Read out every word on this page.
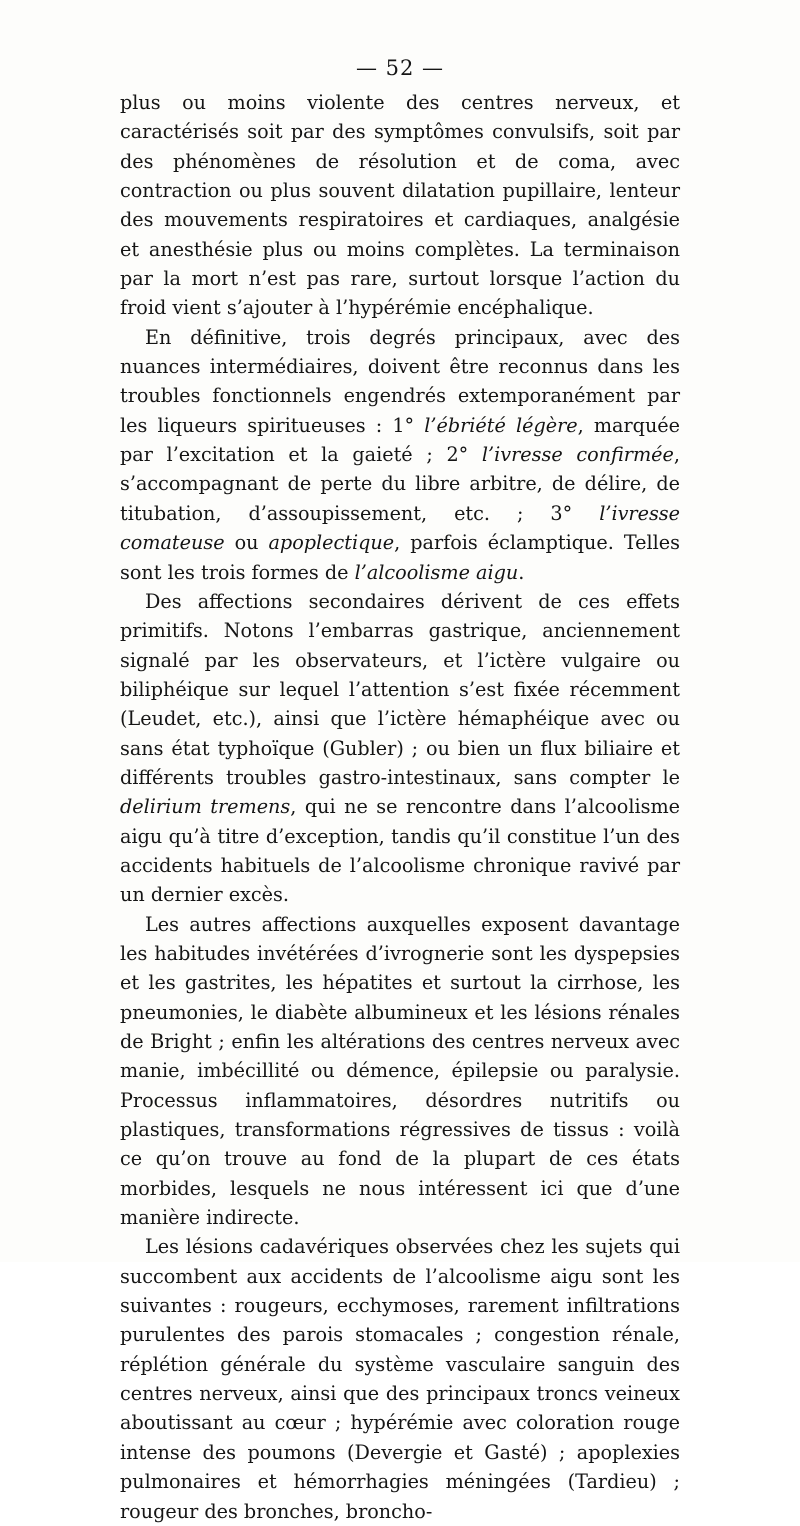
— 52 —

plus ou moins violente des centres nerveux, et caractérisés soit par des symptômes convulsifs, soit par des phénomènes de résolution et de coma, avec contraction ou plus souvent dilatation pupillaire, lenteur des mouvements respiratoires et cardiaques, analgésie et anesthésie plus ou moins complètes. La terminaison par la mort n’est pas rare, surtout lorsque l’action du froid vient s’ajouter à l’hypérémie encéphalique.

En définitive, trois degrés principaux, avec des nuances intermédiaires, doivent être reconnus dans les troubles fonctionnels engendrés extemporanément par les liqueurs spiritueuses : 1° l’ébriété légère, marquée par l’excitation et la gaieté ; 2° l’ivresse confirmée, s’accompagnant de perte du libre arbitre, de délire, de titubation, d’assoupissement, etc. ; 3° l’ivresse comateuse ou apoplectique, parfois éclamptique. Telles sont les trois formes de l’alcoolisme aigu.

Des affections secondaires dérivent de ces effets primitifs. Notons l’embarras gastrique, anciennement signalé par les observateurs, et l’ictère vulgaire ou biliphéique sur lequel l’attention s’est fixée récemment (Leudet, etc.), ainsi que l’ictère hémaphéique avec ou sans état typhoïque (Gubler) ; ou bien un flux biliaire et différents troubles gastro-intestinaux, sans compter le delirium tremens, qui ne se rencontre dans l’alcoolisme aigu qu’à titre d’exception, tandis qu’il constitue l’un des accidents habituels de l’alcoolisme chronique ravivé par un dernier excès.

Les autres affections auxquelles exposent davantage les habitudes invétérées d’ivrognerie sont les dyspepsies et les gastrites, les hépatites et surtout la cirrhose, les pneumonies, le diabète albumineux et les lésions rénales de Bright ; enfin les altérations des centres nerveux avec manie, imbécillité ou démence, épilepsie ou paralysie. Processus inflammatoires, désordres nutritifs ou plastiques, transformations régressives de tissus : voilà ce qu’on trouve au fond de la plupart de ces états morbides, lesquels ne nous intéressent ici que d’une manière indirecte.

Les lésions cadavériques observées chez les sujets qui succombent aux accidents de l’alcoolisme aigu sont les suivantes : rougeurs, ecchymoses, rarement infiltrations purulentes des parois stomacales ; congestion rénale, réplétion générale du système vasculaire sanguin des centres nerveux, ainsi que des principaux troncs veineux aboutissant au cœur ; hypérémie avec coloration rouge intense des poumons (Devergie et Gasté) ; apoplexies pulmonaires et hémorrhagies méningées (Tardieu) ; rougeur des bronches, broncho-
